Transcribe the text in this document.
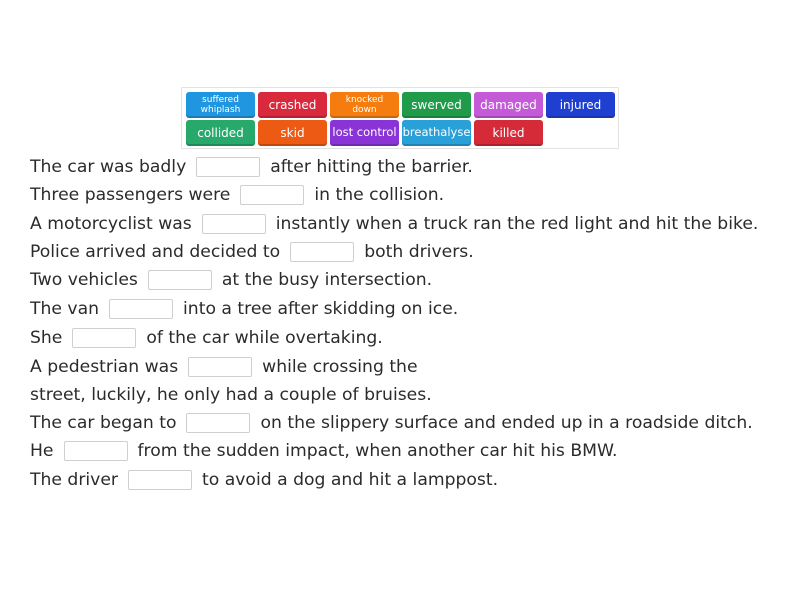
suffered
whiplash	crashed	knocked
down	swerved	damaged	injured
collided	skid	lost control breathalyse	killed
The car was badly	after hitting the barrier.
Three passengers were	in the collision.
A motorcyclist was	instantly when a truck ran the red light and hit the bike.
Police arrived and decided to	both drivers.
Two vehicles	at the busy intersection.
The van	into a tree after skidding on ice.
She	of the car while overtaking.
A pedestrian was	while crossing the
street, luckily, he only had a couple of bruises.
The car began to	on the slippery surface and ended up in a roadside ditch.
He	from the sudden impact, when another car hit his BMW.
The driver	to avoid a dog and hit a lamppost.
